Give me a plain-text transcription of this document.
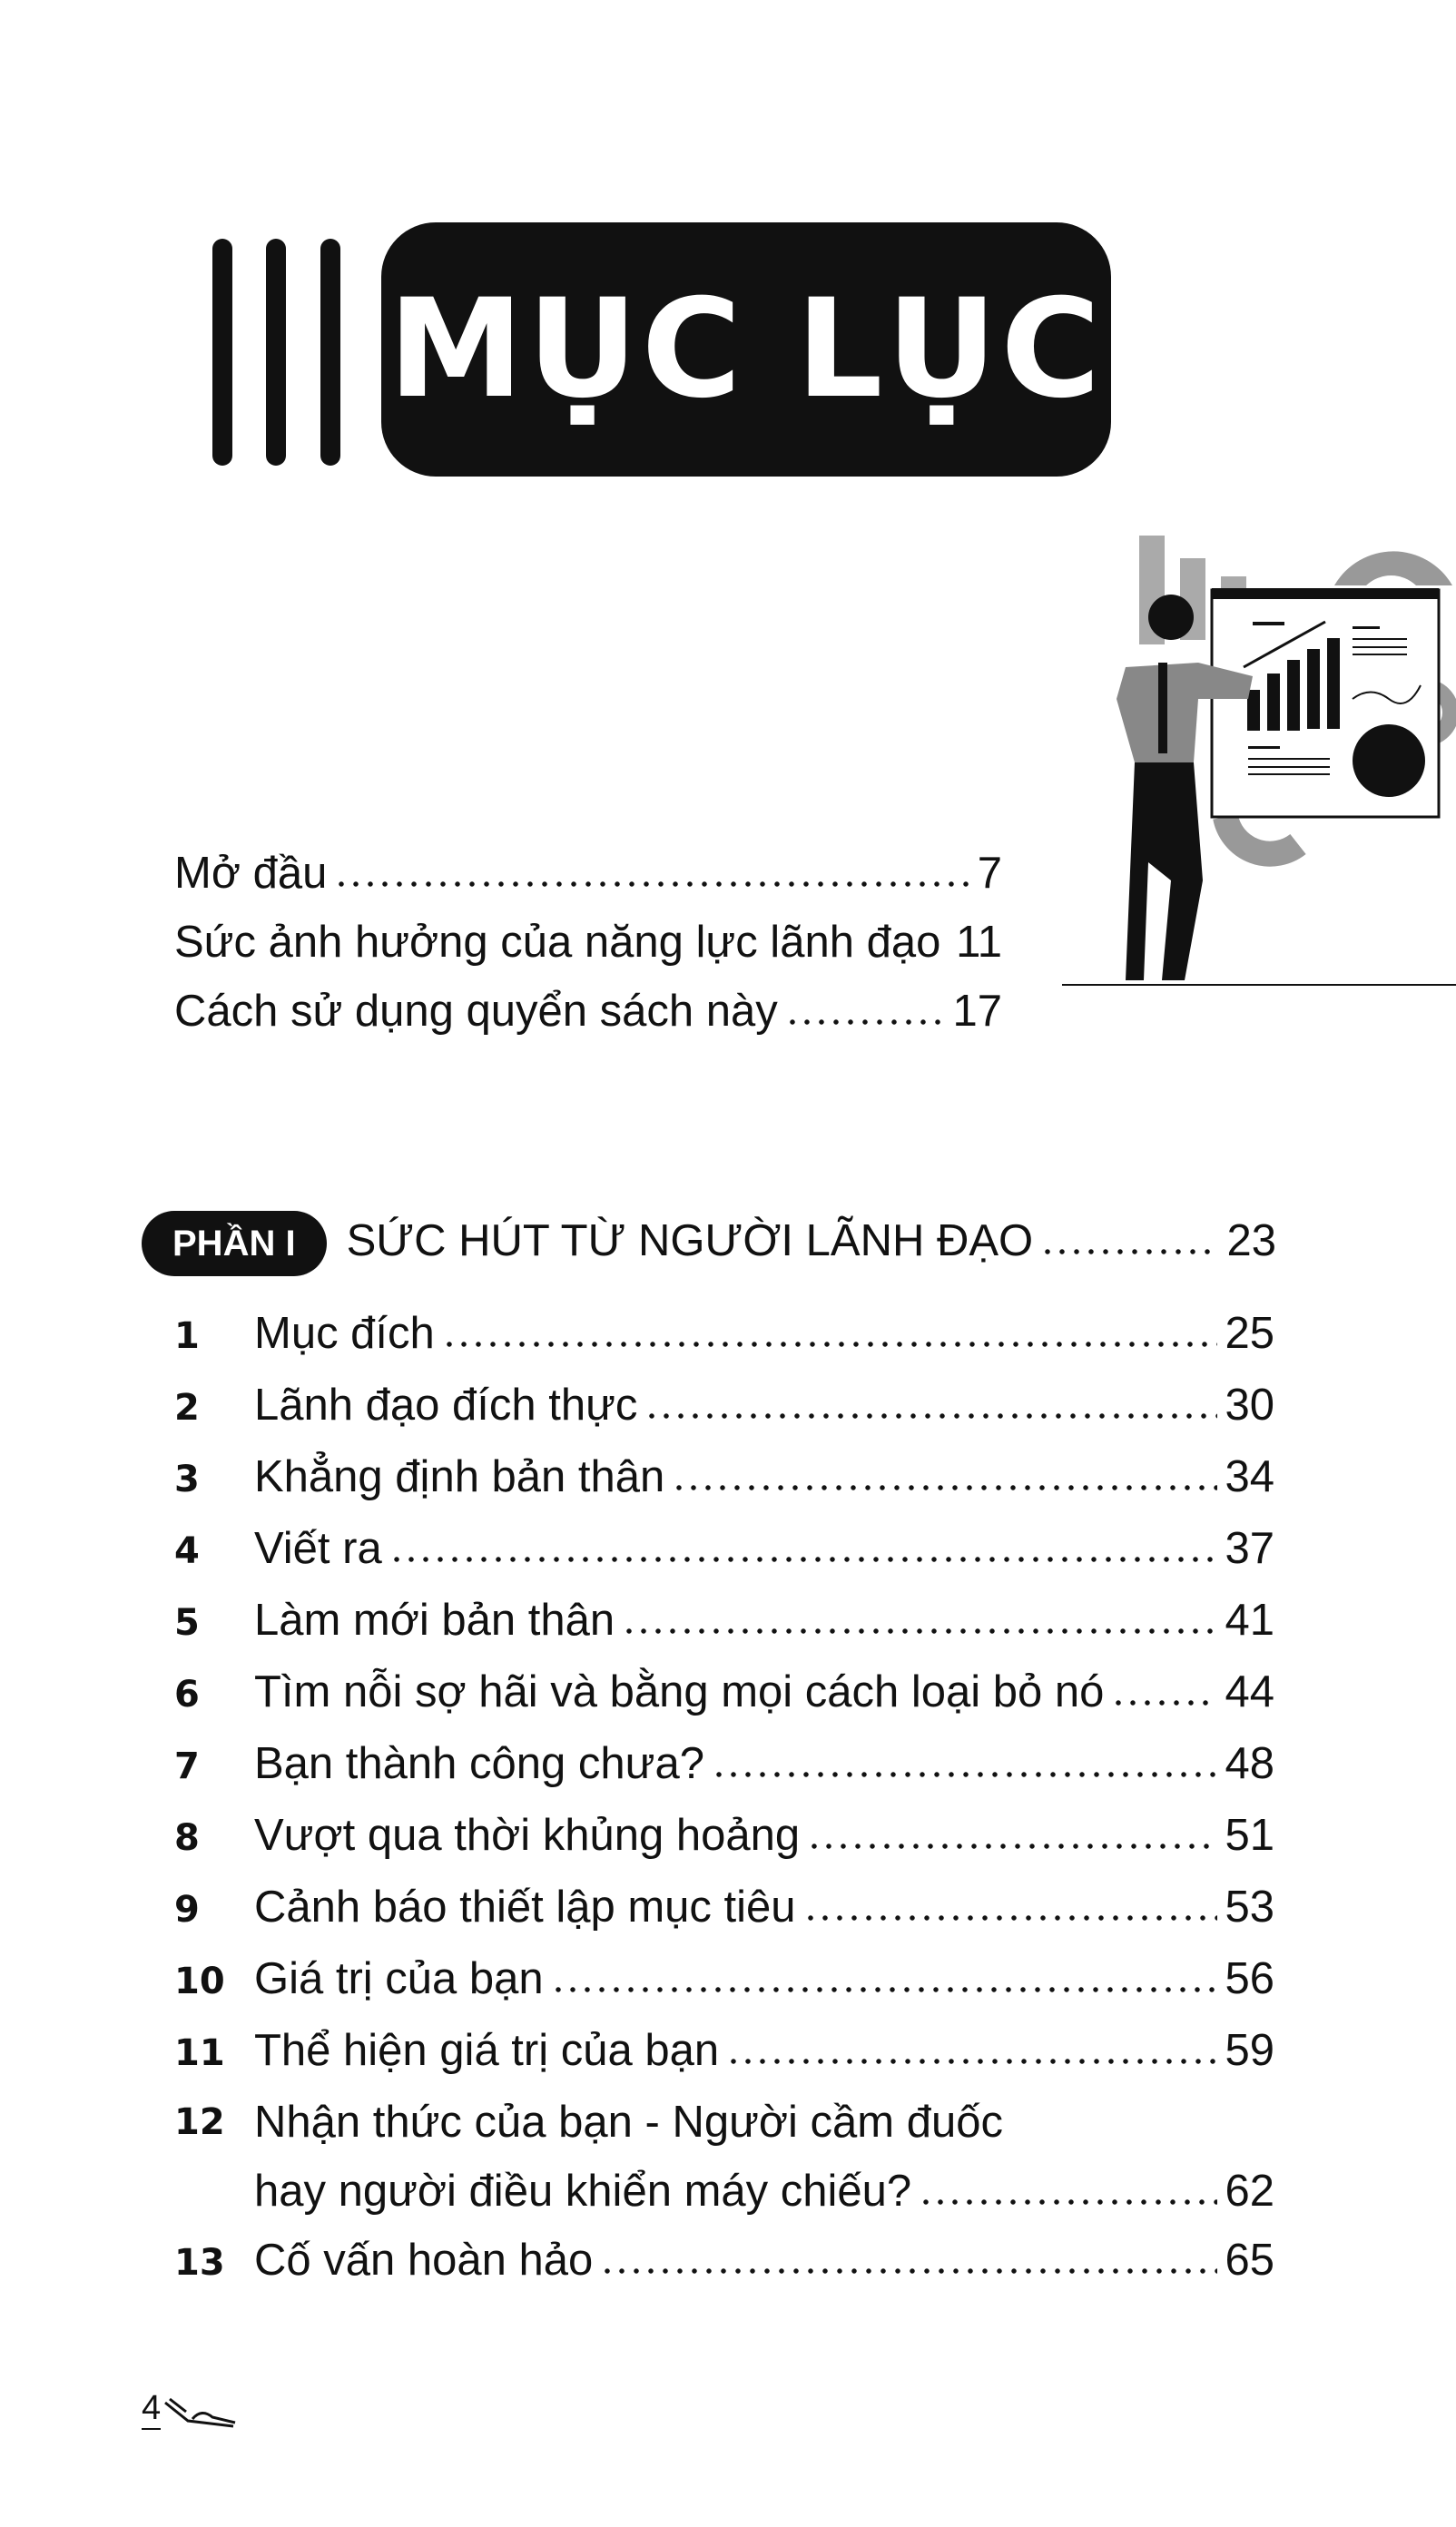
MỤC LỤC
Mở đầu	7
Sức ảnh hưởng của năng lực lãnh đạo 11
Cách sử dụng quyển sách này	17
PHẦN I	SỨC HÚT TỪ NGƯỜI LÃNH ĐẠO	23
1	Mục đích	25
2	Lãnh đạo đích thực	30
3	Khẳng định bản thân	34
4	Viết ra	37
5	Làm mới bản thân	41
6	Tìm nỗi sợ hãi và bằng mọi cách loại bỏ nó	44
7	Bạn thành công chưa?	48
8	Vượt qua thời khủng hoảng	51
9	Cảnh báo thiết lập mục tiêu	53
10 Giá trị của bạn	56
11 Thể hiện giá trị của bạn	59
12 Nhận thức của bạn - Người cầm đuốc
hay người điều khiển máy chiếu?	62
13 Cố vấn hoàn hảo	65
4
